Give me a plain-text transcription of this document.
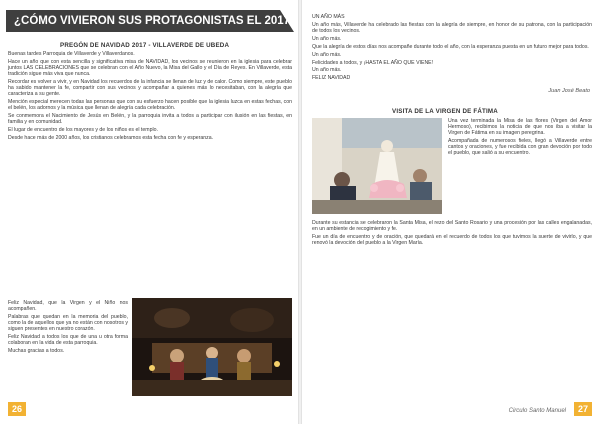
¿CÓMO VIVIERON SUS PROTAGONISTAS EL 2017?
PREGÓN DE NAVIDAD 2017 - VILLAVERDE DE UBEDA

Buenas tardes Parroquia de Villaverde y Villaverdanos.

Hace un año que con esta sencilla y significativa misa de NAVIDAD, los vecinos se reunieron en la iglesia para celebrar juntos LAS CELEBRACIONES que se celebran con el Año Nuevo, la Misa del Gallo y el Día de Reyes. En Villaverde, esta tradición sigue más viva que nunca.

Recordar es volver a vivir, y en Navidad los recuerdos de la infancia se llenan de luz y de calor. Como siempre, este pueblo ha sabido mantener la fe, compartir con sus vecinos y acompañar a quienes más lo necesitaban, con la alegría que caracteriza a su gente.

Mención especial merecen todas las personas que con su esfuerzo hacen posible que la iglesia luzca en estas fechas, con el belén, los adornos y la música que llenan de alegría cada celebración.

Se conmemora el Nacimiento de Jesús en Belén, y la parroquia invita a todos a participar con ilusión en las fiestas, en familia y en comunidad.

El lugar de encuentro de los mayores y de los niños es el templo.

Desde hace más de 2000 años, los cristianos celebramos esta fecha con fe y esperanza.

Feliz Navidad, que la Virgen y el Niño nos acompañen.

Palabras que quedan en la memoria del pueblo, como la de aquellos que ya no están con nosotros y siguen presentes en nuestro corazón.

Feliz Navidad a todos los que de una u otra forma colaboran en la vida de esta parroquia.

Muchas gracias a todos.

26

UN AÑO MÁS

Un año más, Villaverde ha celebrado las fiestas con la alegría de siempre, en honor de su patrona, con la participación de todos los vecinos.

Un año más.

Que la alegría de estos días nos acompañe durante todo el año, con la esperanza puesta en un futuro mejor para todos.

Un año más.

Felicidades a todos, y ¡HASTA EL AÑO QUE VIENE!

Un año más.

FELIZ NAVIDAD

Juan José Beato
VISITA DE LA VIRGEN DE FÁTIMA

Una vez terminada la Misa de las flores (Virgen del Amor Hermoso), recibimos la noticia de que nos iba a visitar la Virgen de Fátima en su imagen peregrina.

Acompañada de numerosos fieles, llegó a Villaverde entre cantos y oraciones, y fue recibida con gran devoción por todo el pueblo, que salió a su encuentro.

Durante su estancia se celebraron la Santa Misa, el rezo del Santo Rosario y una procesión por las calles engalanadas, en un ambiente de recogimiento y fe.

Fue un día de encuentro y de oración, que quedará en el recuerdo de todos los que tuvimos la suerte de vivirlo, y que renovó la devoción del pueblo a la Virgen María.

Circulo Santo Manuel	27
